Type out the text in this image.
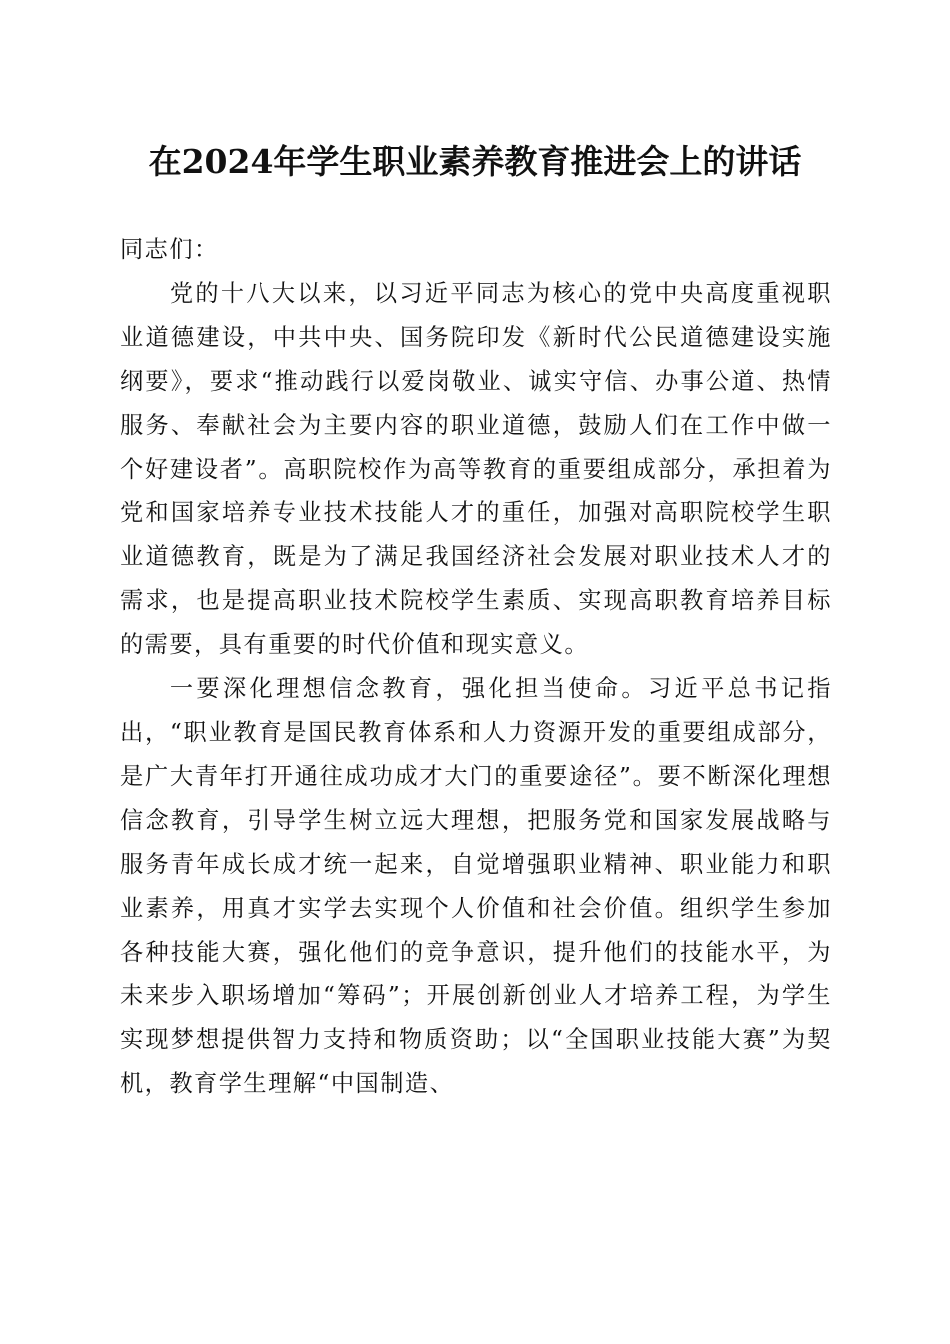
在2024年学生职业素养教育推进会上的讲话

同志们：

党的十八大以来，以习近平同志为核心的党中央高度重视职业道德建设，中共中央、国务院印发《新时代公民道德建设实施纲要》，要求“推动践行以爱岗敬业、诚实守信、办事公道、热情服务、奉献社会为主要内容的职业道德，鼓励人们在工作中做一个好建设者”。高职院校作为高等教育的重要组成部分，承担着为党和国家培养专业技术技能人才的重任，加强对高职院校学生职业道德教育，既是为了满足我国经济社会发展对职业技术人才的需求，也是提高职业技术院校学生素质、实现高职教育培养目标的需要，具有重要的时代价值和现实意义。

一要深化理想信念教育，强化担当使命。习近平总书记指出，“职业教育是国民教育体系和人力资源开发的重要组成部分，是广大青年打开通往成功成才大门的重要途径”。要不断深化理想信念教育，引导学生树立远大理想，把服务党和国家发展战略与服务青年成长成才统一起来，自觉增强职业精神、职业能力和职业素养，用真才实学去实现个人价值和社会价值。组织学生参加各种技能大赛，强化他们的竞争意识，提升他们的技能水平，为未来步入职场增加“筹码”；开展创新创业人才培养工程，为学生实现梦想提供智力支持和物质资助；以“全国职业技能大赛”为契机，教育学生理解“中国制造、
